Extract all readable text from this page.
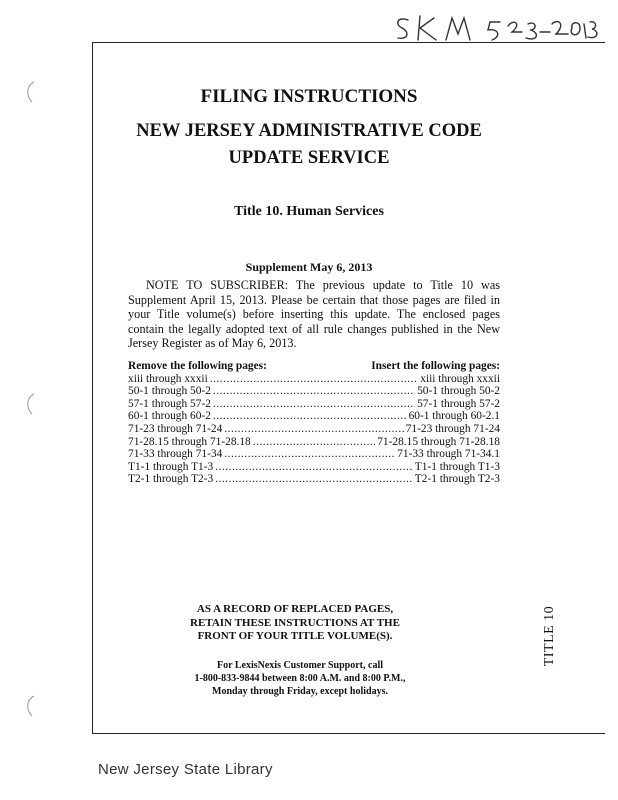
FILING INSTRUCTIONS
NEW JERSEY ADMINISTRATIVE CODE
UPDATE SERVICE
Title 10. Human Services
Supplement May 6, 2013
NOTE TO SUBSCRIBER: The previous update to Title 10 was Supplement April 15, 2013. Please be certain that those pages are filed in your Title volume(s) before inserting this update. The enclosed pages contain the legally adopted text of all rule changes published in the New Jersey Register as of May 6, 2013.
Remove the following pages:	Insert the following pages:
xiii through xxxii .....	xiii through xxxii
50-1 through 50-2 .....	50-1 through 50-2
57-1 through 57-2 .....	57-1 through 57-2
60-1 through 60-2 .....	60-1 through 60-2.1
71-23 through 71-24 .....	71-23 through 71-24
71-28.15 through 71-28.18 .....	71-28.15 through 71-28.18
71-33 through 71-34 .....	71-33 through 71-34.1
T1-1 through T1-3 .....	T1-1 through T1-3
T2-1 through T2-3 .....	T2-1 through T2-3
AS A RECORD OF REPLACED PAGES,
RETAIN THESE INSTRUCTIONS AT THE
FRONT OF YOUR TITLE VOLUME(S).
For LexisNexis Customer Support, call
1-800-833-9844 between 8:00 A.M. and 8:00 P.M.,
Monday through Friday, except holidays.
TITLE 10
New Jersey State Library
